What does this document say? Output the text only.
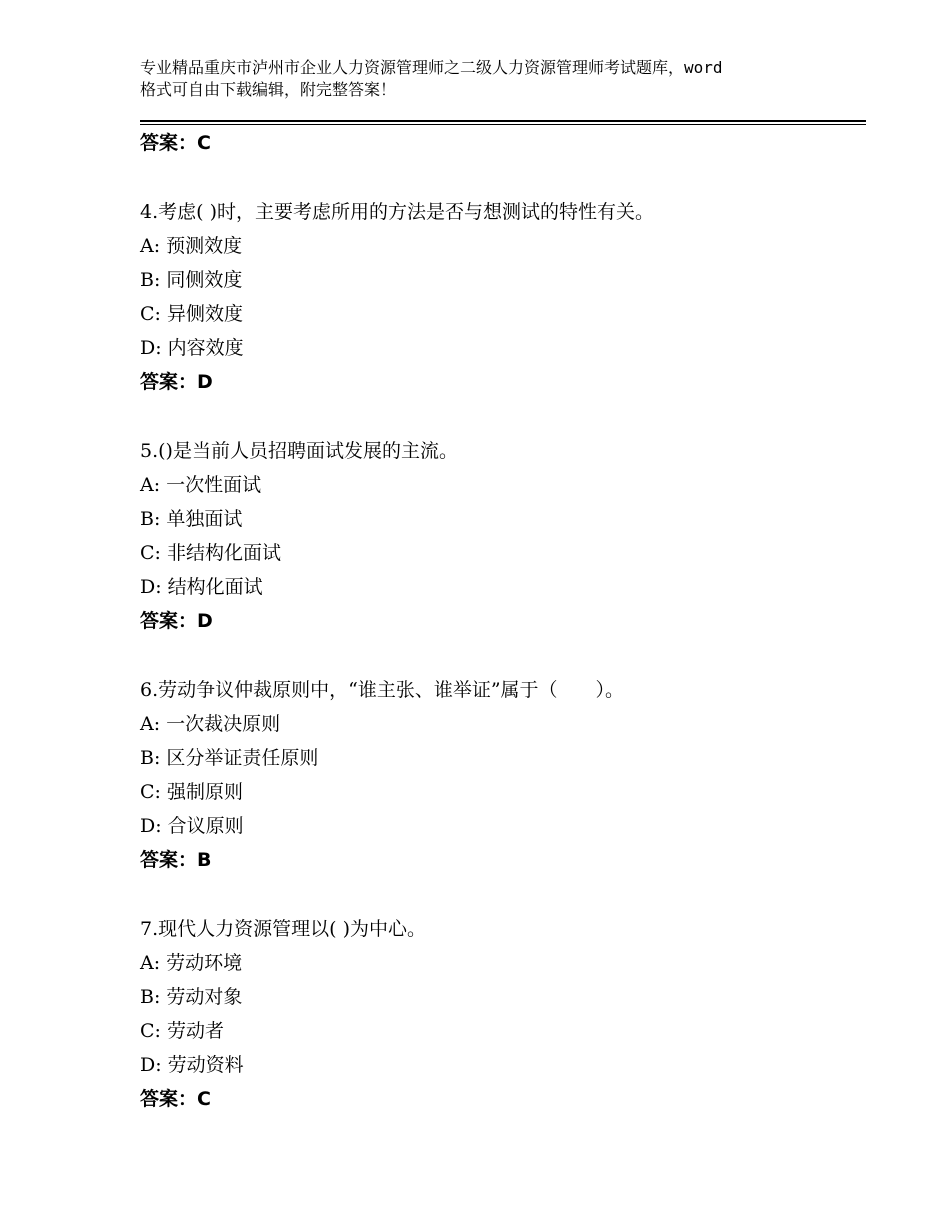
专业精品重庆市泸州市企业人力资源管理师之二级人力资源管理师考试题库，word
格式可自由下载编辑，附完整答案！
答案：C
4.考虑( )时，主要考虑所用的方法是否与想测试的特性有关。
A: 预测效度
B: 同侧效度
C: 异侧效度
D: 内容效度
答案：D
5.()是当前人员招聘面试发展的主流。
A: 一次性面试
B: 单独面试
C: 非结构化面试
D: 结构化面试
答案：D
6.劳动争议仲裁原则中，“谁主张、谁举证”属于（　　）。
A: 一次裁决原则
B: 区分举证责任原则
C: 强制原则
D: 合议原则
答案：B
7.现代人力资源管理以( )为中心。
A: 劳动环境
B: 劳动对象
C: 劳动者
D: 劳动资料
答案：C
